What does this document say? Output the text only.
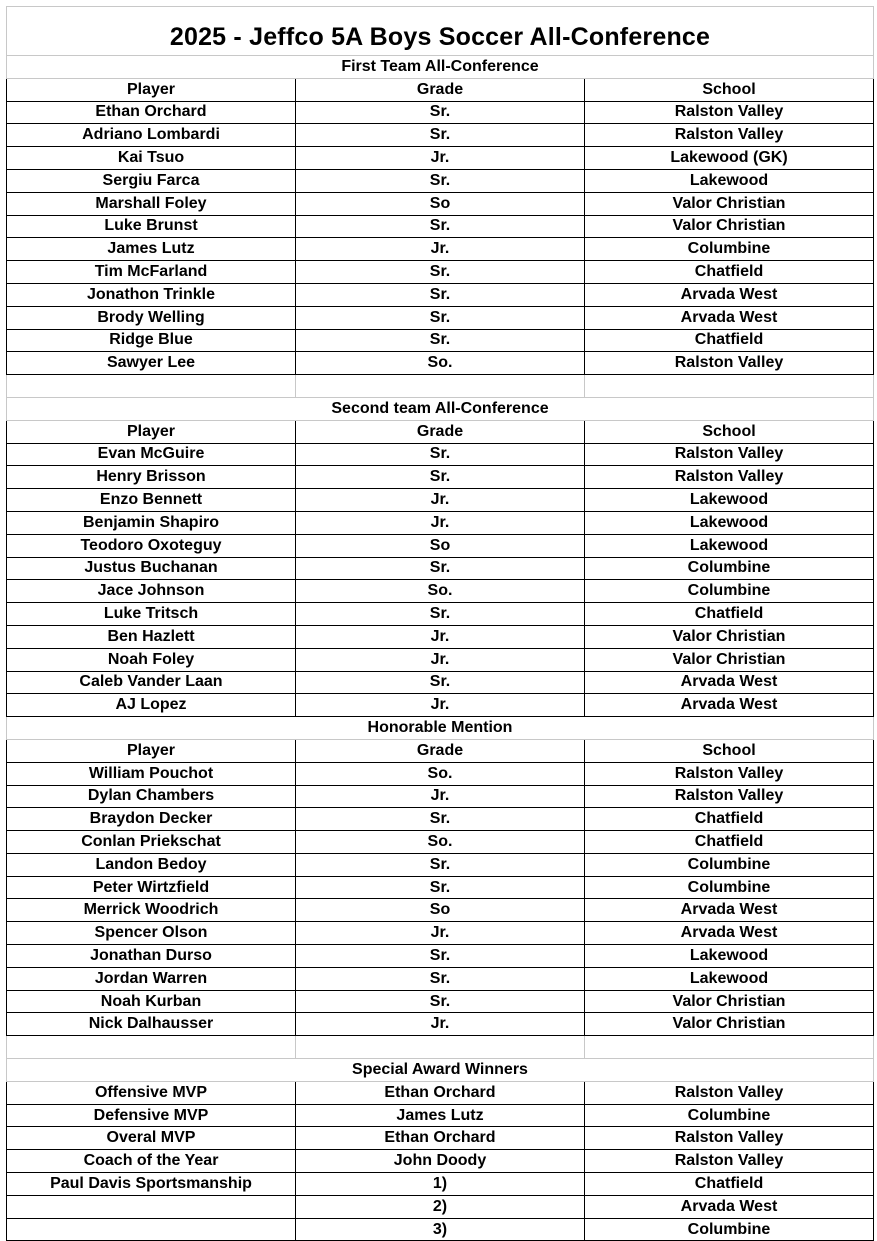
2025 - Jeffco 5A Boys Soccer All-Conference
First Team All-Conference		
Player	Grade	School
Ethan Orchard	Sr.	Ralston Valley
Adriano Lombardi	Sr.	Ralston Valley
Kai Tsuo	Jr.	Lakewood (GK)
Sergiu Farca	Sr.	Lakewood
Marshall Foley	So	Valor Christian
Luke Brunst	Sr.	Valor Christian
James Lutz	Jr.	Columbine
Tim McFarland	Sr.	Chatfield
Jonathon Trinkle	Sr.	Arvada West
Brody Welling	Sr.	Arvada West
Ridge Blue	Sr.	Chatfield
Sawyer Lee	So.	Ralston Valley

Second team All-Conference		
Player	Grade	School
Evan McGuire	Sr.	Ralston Valley
Henry Brisson	Sr.	Ralston Valley
Enzo Bennett	Jr.	Lakewood
Benjamin Shapiro	Jr.	Lakewood
Teodoro Oxoteguy	So	Lakewood
Justus Buchanan	Sr.	Columbine
Jace Johnson	So.	Columbine
Luke Tritsch	Sr.	Chatfield
Ben Hazlett	Jr.	Valor Christian
Noah Foley	Jr.	Valor Christian
Caleb Vander Laan	Sr.	Arvada West
AJ Lopez	Jr.	Arvada West
Honorable Mention		
Player	Grade	School
William Pouchot	So.	Ralston Valley
Dylan Chambers	Jr.	Ralston Valley
Braydon Decker	Sr.	Chatfield
Conlan Priekschat	So.	Chatfield
Landon Bedoy	Sr.	Columbine
Peter Wirtzfield	Sr.	Columbine
Merrick Woodrich	So	Arvada West
Spencer Olson	Jr.	Arvada West
Jonathan Durso	Sr.	Lakewood
Jordan Warren	Sr.	Lakewood
Noah Kurban	Sr.	Valor Christian
Nick Dalhausser	Jr.	Valor Christian

Special Award Winners		
Offensive MVP	Ethan Orchard	Ralston Valley
Defensive MVP	James Lutz	Columbine
Overal MVP	Ethan Orchard	Ralston Valley
Coach of the Year	John Doody	Ralston Valley
Paul Davis Sportsmanship	1)	Chatfield
	2)	Arvada West
	3)	Columbine
